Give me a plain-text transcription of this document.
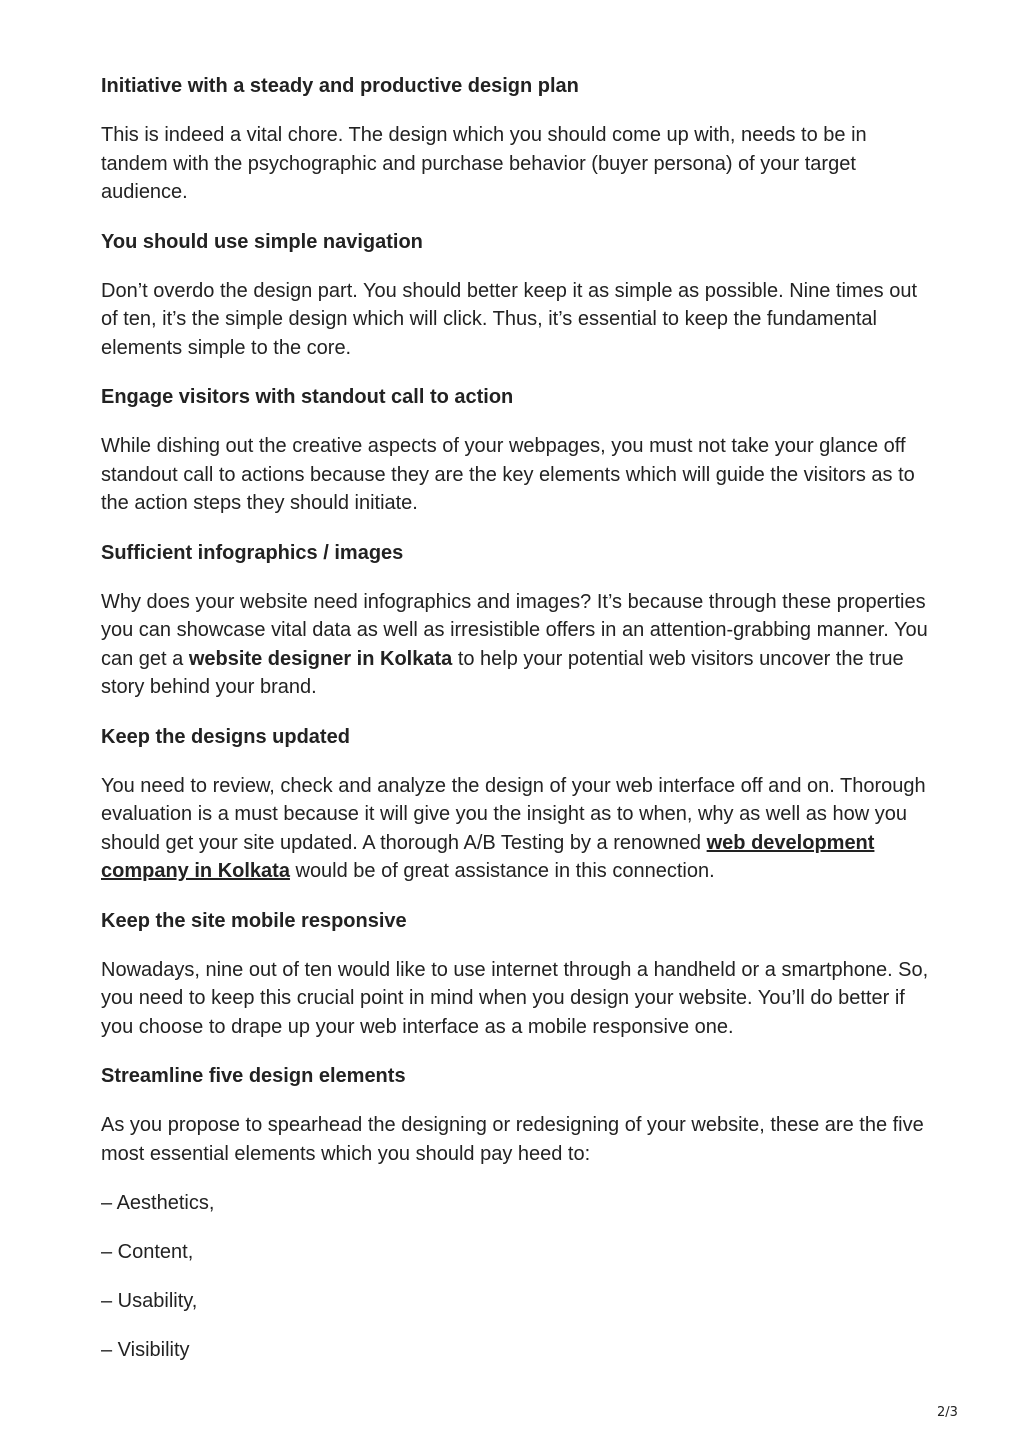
Initiative with a steady and productive design plan
This is indeed a vital chore. The design which you should come up with, needs to be in tandem with the psychographic and purchase behavior (buyer persona) of your target audience.
You should use simple navigation
Don’t overdo the design part. You should better keep it as simple as possible. Nine times out of ten, it’s the simple design which will click. Thus, it’s essential to keep the fundamental elements simple to the core.
Engage visitors with standout call to action
While dishing out the creative aspects of your webpages, you must not take your glance off standout call to actions because they are the key elements which will guide the visitors as to the action steps they should initiate.
Sufficient infographics / images
Why does your website need infographics and images? It’s because through these properties you can showcase vital data as well as irresistible offers in an attention-grabbing manner. You can get a website designer in Kolkata to help your potential web visitors uncover the true story behind your brand.
Keep the designs updated
You need to review, check and analyze the design of your web interface off and on. Thorough evaluation is a must because it will give you the insight as to when, why as well as how you should get your site updated. A thorough A/B Testing by a renowned web development company in Kolkata would be of great assistance in this connection.
Keep the site mobile responsive
Nowadays, nine out of ten would like to use internet through a handheld or a smartphone. So, you need to keep this crucial point in mind when you design your website. You’ll do better if you choose to drape up your web interface as a mobile responsive one.
Streamline five design elements
As you propose to spearhead the designing or redesigning of your website, these are the five most essential elements which you should pay heed to:
– Aesthetics,
– Content,
– Usability,
– Visibility
2/3
